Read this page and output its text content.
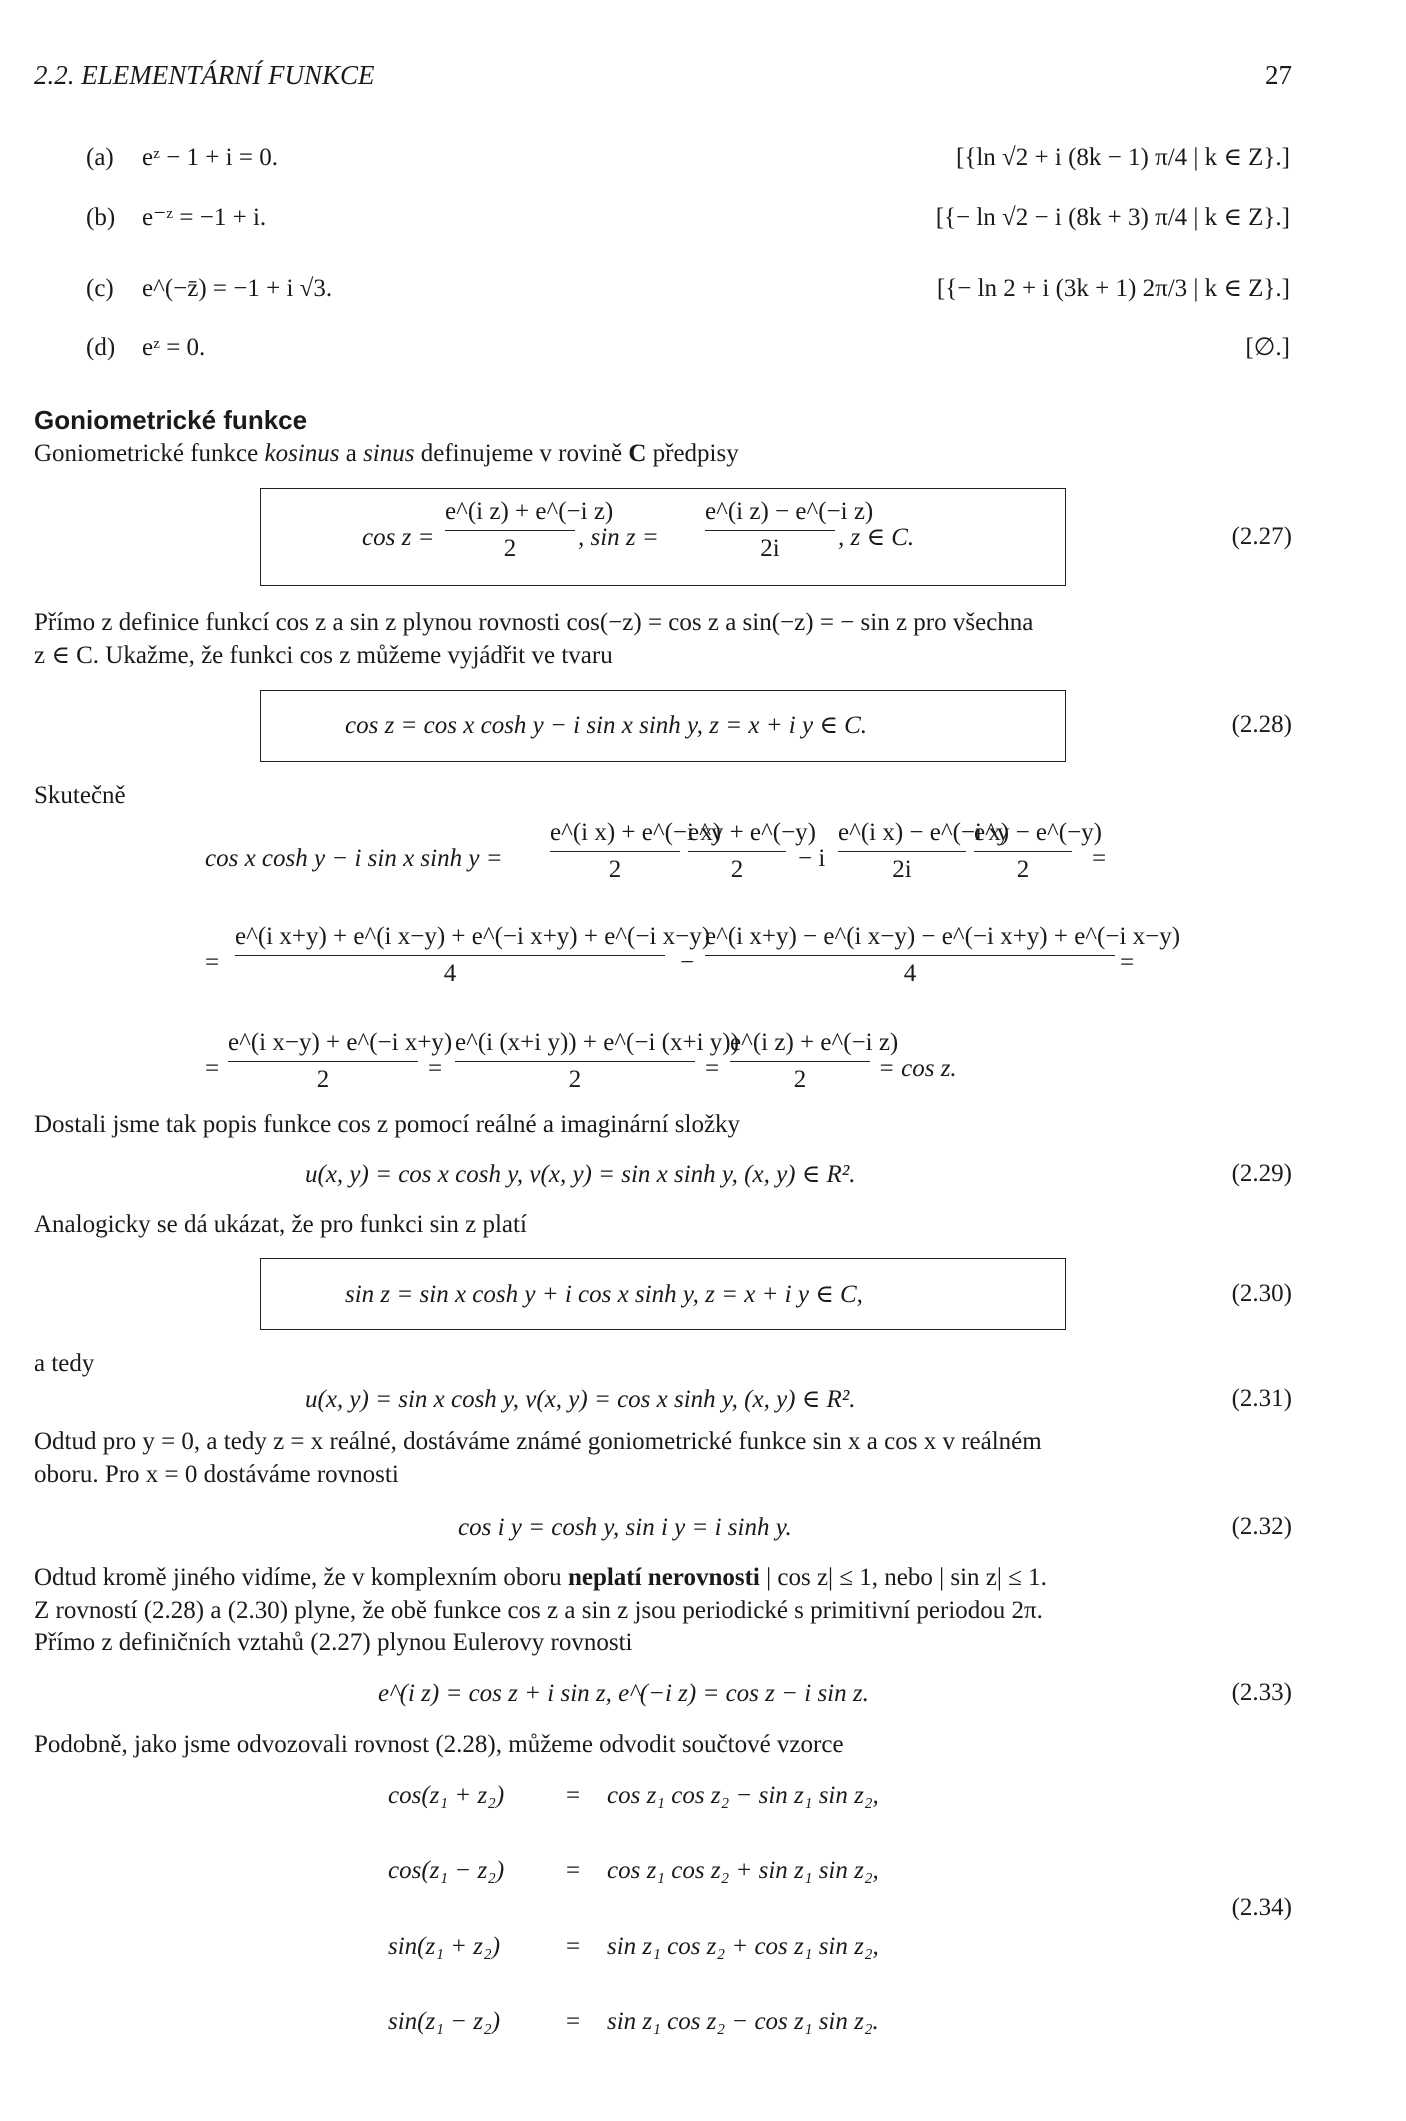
2.2. ELEMENTÁRNÍ FUNKCE	27
(a) eᶻ − 1 + i = 0.	[{ln √2 + i (8k − 1) π/4 | k ∈ Z}.]
(b) e⁻ᶻ = −1 + i.	[{− ln √2 − i (8k + 3) π/4 | k ∈ Z}.]
(c) e^(−z̄) = −1 + i √3.	[{− ln 2 + i (3k + 1) 2π/3 | k ∈ Z}.]
(d) eᶻ = 0.	[∅.]
Goniometrické funkce
Goniometrické funkce kosinus a sinus definujeme v rovině C předpisy
cos z =
e^(i z) + e^(−i z)
2	, sin z =
e^(i z) − e^(−i z)
2i	, z ∈ C.	(2.27)
Přímo z definice funkcí cos z a sin z plynou rovnosti cos(−z) = cos z a sin(−z) = − sin z pro všechna
z ∈ C. Ukažme, že funkci cos z můžeme vyjádřit ve tvaru
cos z = cos x cosh y − i sin x sinh y, z = x + i y ∈ C.	(2.28)
Skutečně
cos x cosh y − i sin x sinh y =
e^(i x) + e^(−i x)
2
e^y + e^(−y)
2	− i
e^(i x) − e^(−i x)
2i
e^y − e^(−y)
2	=
=
e^(i x+y) + e^(i x−y) + e^(−i x+y) + e^(−i x−y)
4	−
e^(i x+y) − e^(i x−y) − e^(−i x+y) + e^(−i x−y)
4	=
=
e^(i x−y) + e^(−i x+y)
2	=
e^(i (x+i y)) + e^(−i (x+i y))
2	=
e^(i z) + e^(−i z)
2	= cos z.
Dostali jsme tak popis funkce cos z pomocí reálné a imaginární složky
u(x, y) = cos x cosh y, v(x, y) = sin x sinh y, (x, y) ∈ R².	(2.29)
Analogicky se dá ukázat, že pro funkci sin z platí
sin z = sin x cosh y + i cos x sinh y, z = x + i y ∈ C,	(2.30)
a tedy
u(x, y) = sin x cosh y, v(x, y) = cos x sinh y, (x, y) ∈ R².	(2.31)
Odtud pro y = 0, a tedy z = x reálné, dostáváme známé goniometrické funkce sin x a cos x v reálném
oboru. Pro x = 0 dostáváme rovnosti
cos i y = cosh y, sin i y = i sinh y.	(2.32)
Odtud kromě jiného vidíme, že v komplexním oboru neplatí nerovnosti | cos z| ≤ 1, nebo | sin z| ≤ 1.
Z rovností (2.28) a (2.30) plyne, že obě funkce cos z a sin z jsou periodické s primitivní periodou 2π.
Přímo z definičních vztahů (2.27) plynou Eulerovy rovnosti
e^(i z) = cos z + i sin z, e^(−i z) = cos z − i sin z.	(2.33)
Podobně, jako jsme odvozovali rovnost (2.28), můžeme odvodit součtové vzorce
cos(z₁ + z₂) = cos z₁ cos z₂ − sin z₁ sin z₂,
cos(z₁ − z₂) = cos z₁ cos z₂ + sin z₁ sin z₂,
sin(z₁ + z₂)	= sin z₁ cos z₂ + cos z₁ sin z₂,
sin(z₁ − z₂)	= sin z₁ cos z₂ − cos z₁ sin z₂.
(2.34)
